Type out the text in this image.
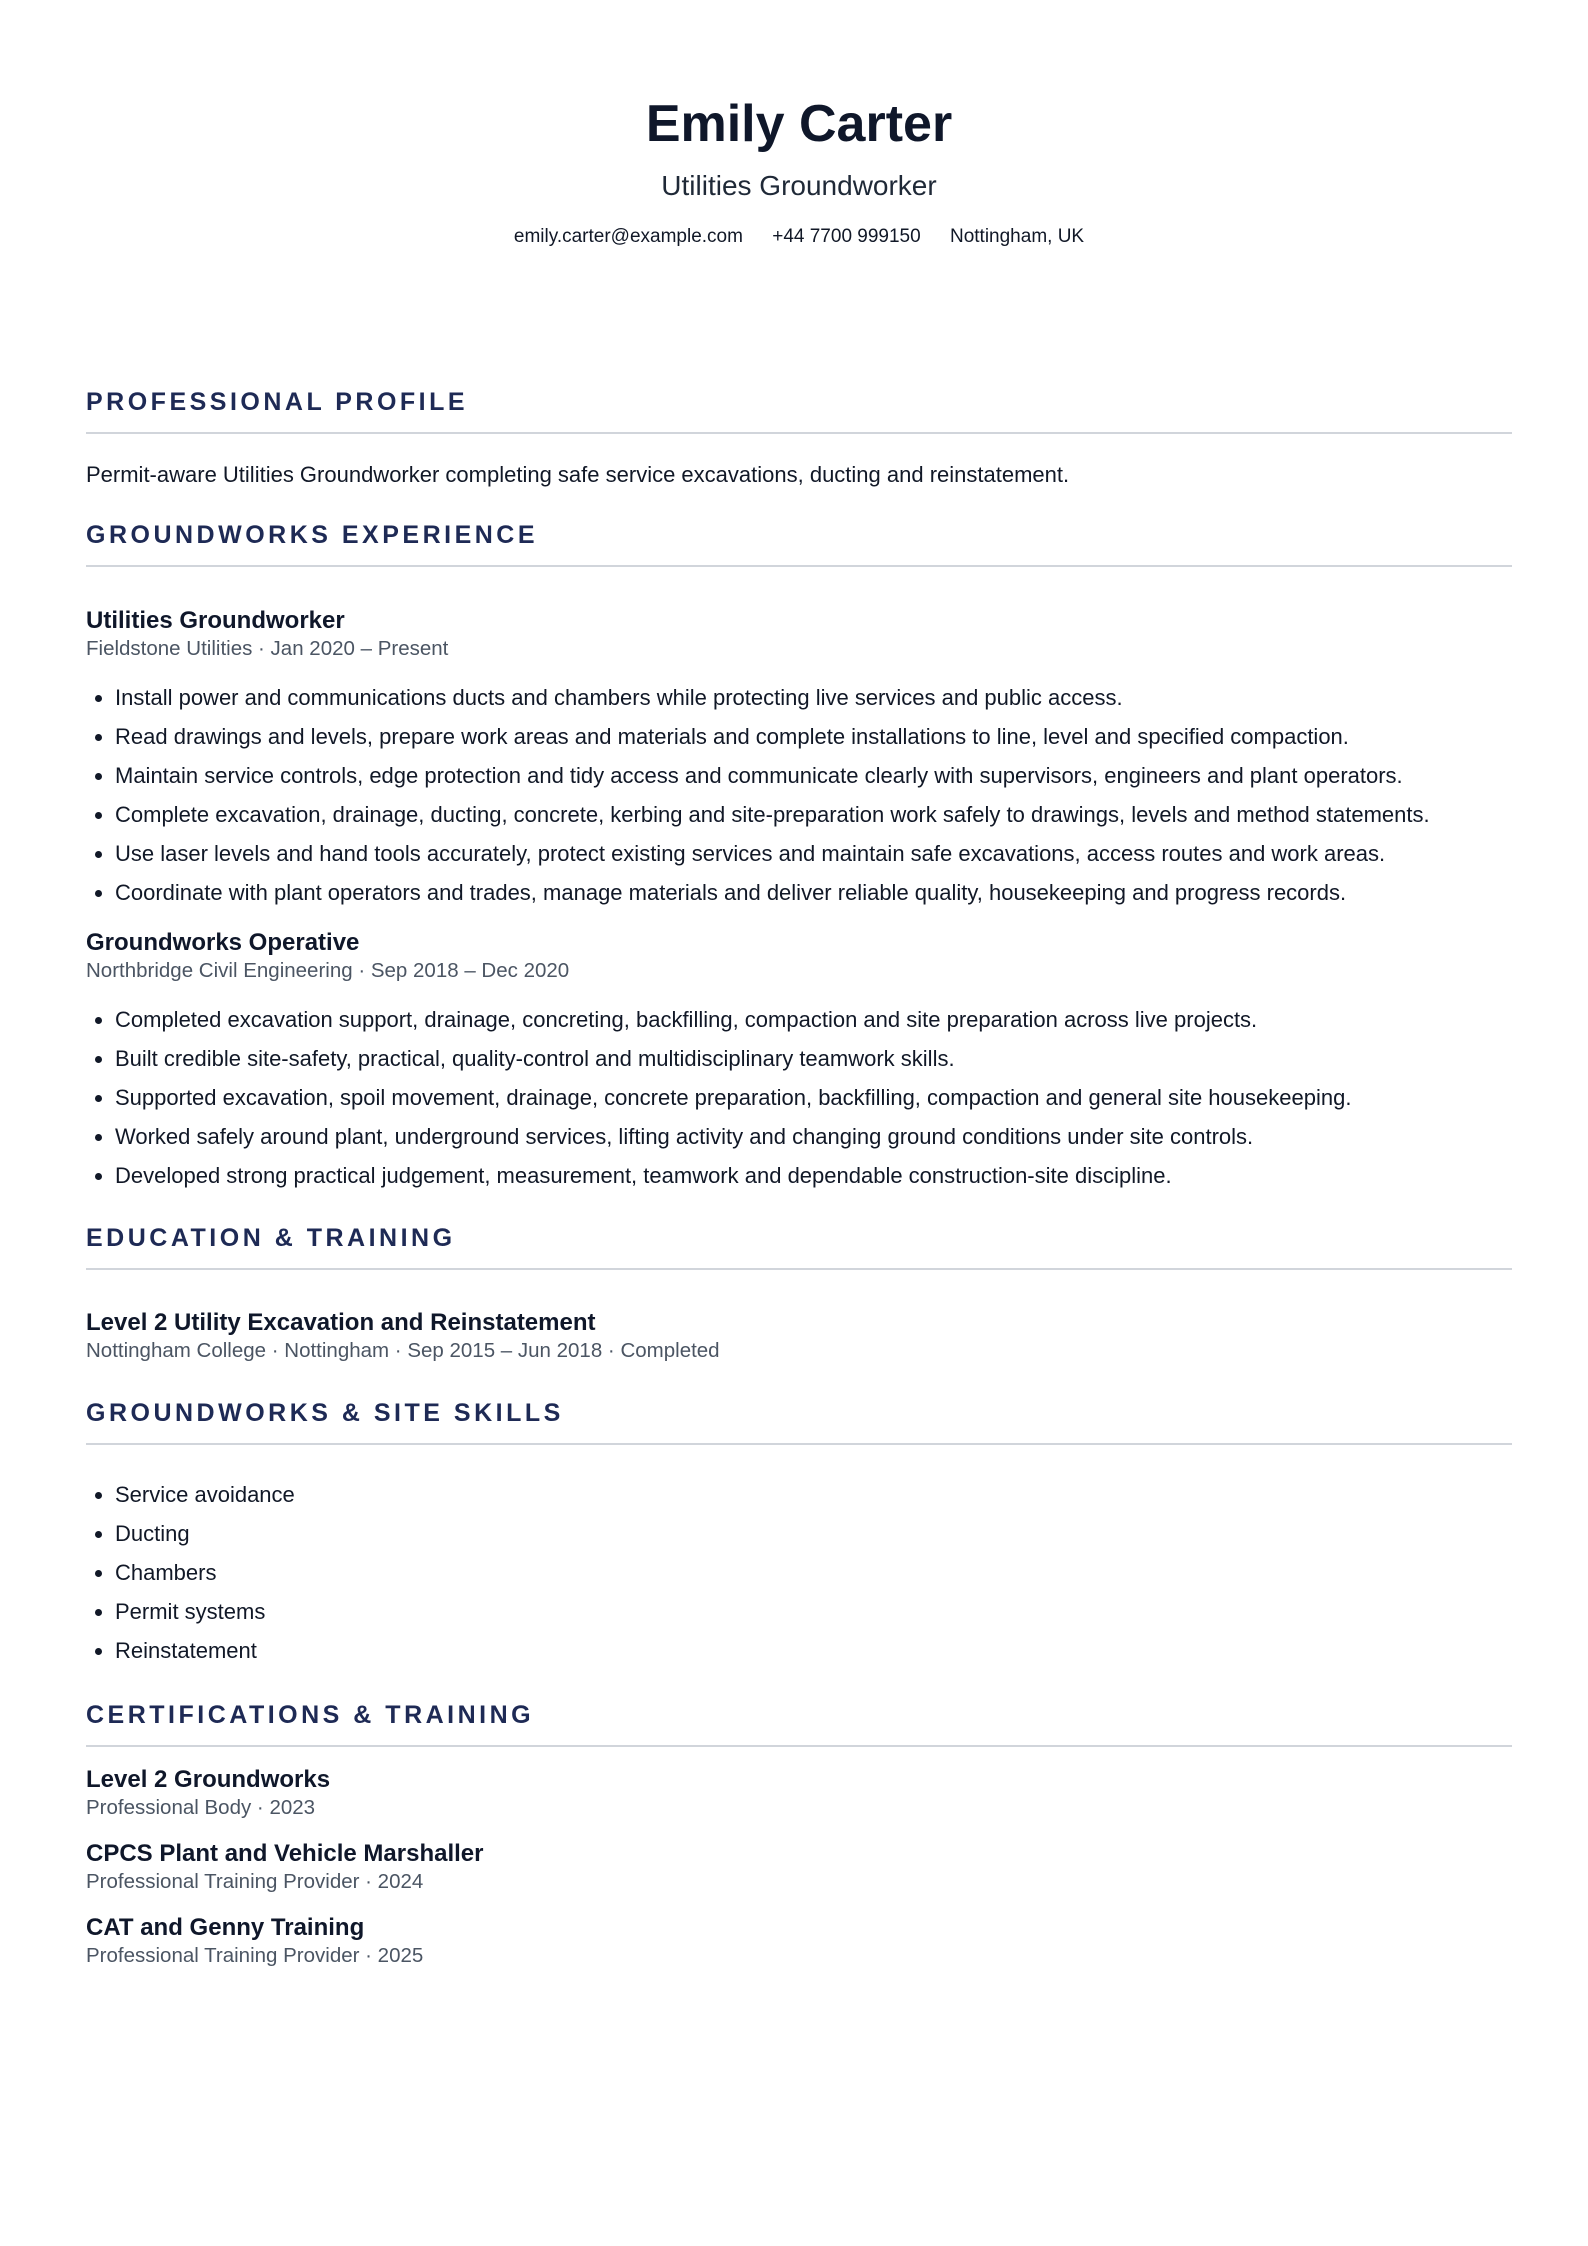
Emily Carter
Utilities Groundworker
emily.carter@example.com +44 7700 999150 Nottingham, UK
PROFESSIONAL PROFILE
Permit-aware Utilities Groundworker completing safe service excavations, ducting and reinstatement.
GROUNDWORKS EXPERIENCE
Utilities Groundworker
Fieldstone Utilities · Jan 2020 – Present
Install power and communications ducts and chambers while protecting live services and public access.
Read drawings and levels, prepare work areas and materials and complete installations to line, level and specified compaction.
Maintain service controls, edge protection and tidy access and communicate clearly with supervisors, engineers and plant operators.
Complete excavation, drainage, ducting, concrete, kerbing and site-preparation work safely to drawings, levels and method statements.
Use laser levels and hand tools accurately, protect existing services and maintain safe excavations, access routes and work areas.
Coordinate with plant operators and trades, manage materials and deliver reliable quality, housekeeping and progress records.
Groundworks Operative
Northbridge Civil Engineering · Sep 2018 – Dec 2020
Completed excavation support, drainage, concreting, backfilling, compaction and site preparation across live projects.
Built credible site-safety, practical, quality-control and multidisciplinary teamwork skills.
Supported excavation, spoil movement, drainage, concrete preparation, backfilling, compaction and general site housekeeping.
Worked safely around plant, underground services, lifting activity and changing ground conditions under site controls.
Developed strong practical judgement, measurement, teamwork and dependable construction-site discipline.
EDUCATION & TRAINING
Level 2 Utility Excavation and Reinstatement
Nottingham College · Nottingham · Sep 2015 – Jun 2018 · Completed
GROUNDWORKS & SITE SKILLS
Service avoidance
Ducting
Chambers
Permit systems
Reinstatement
CERTIFICATIONS & TRAINING
Level 2 Groundworks
Professional Body · 2023
CPCS Plant and Vehicle Marshaller
Professional Training Provider · 2024
CAT and Genny Training
Professional Training Provider · 2025
